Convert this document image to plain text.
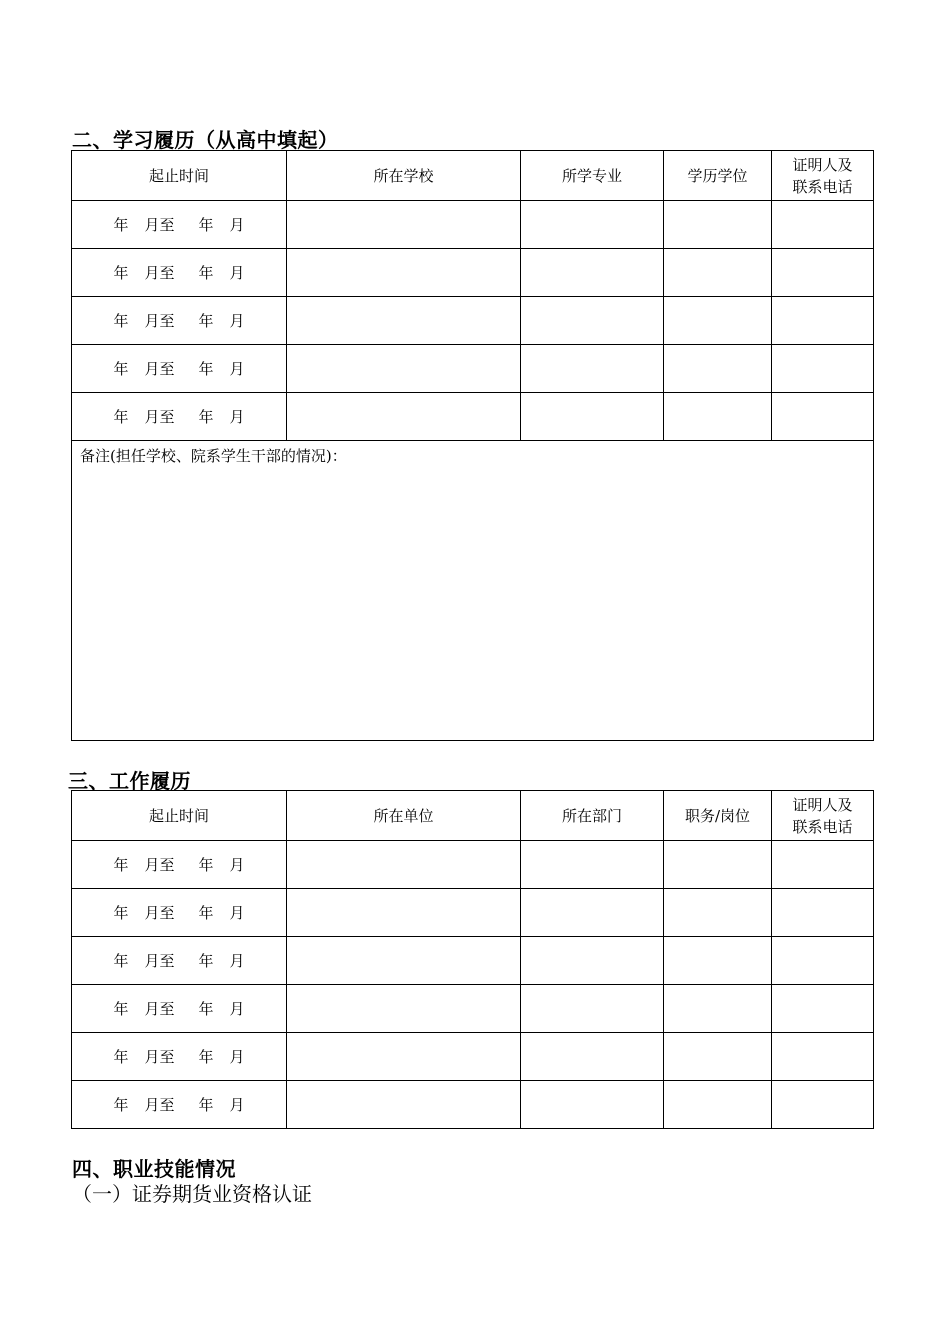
二、学习履历（从高中填起）
起止时间	所在学校	所学专业	学历学位	证明人及
联系电话
年 月至 年 月				
年 月至 年 月				
年 月至 年 月				
年 月至 年 月				
年 月至 年 月				
备注(担任学校、院系学生干部的情况)：				
三、工作履历
起止时间	所在单位	所在部门	职务/岗位	证明人及
联系电话
年 月至 年 月				
年 月至 年 月				
年 月至 年 月				
年 月至 年 月				
年 月至 年 月				
年 月至 年 月				
四、职业技能情况
（一）证券期货业资格认证
